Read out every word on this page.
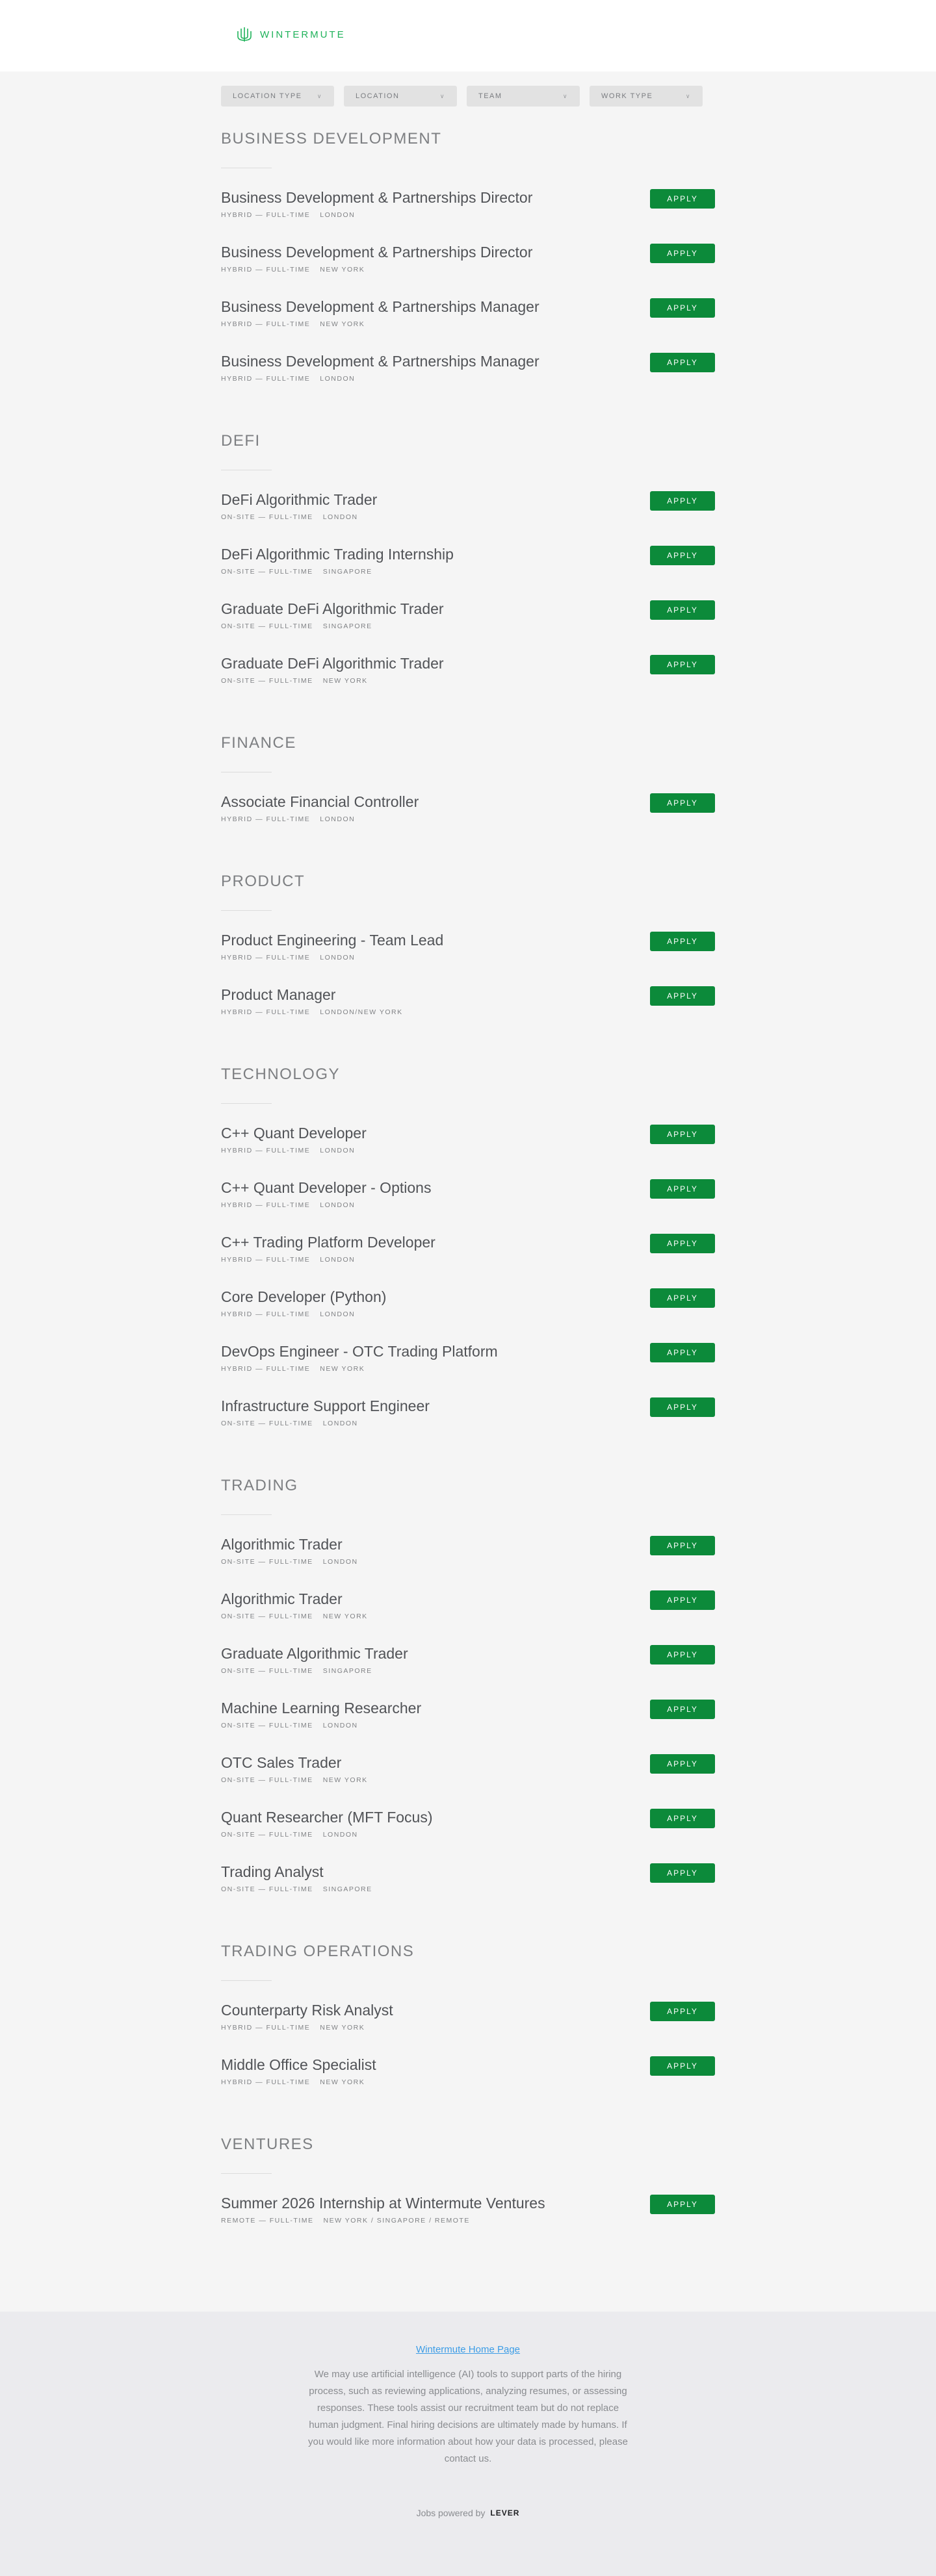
WINTERMUTE
LOCATION TYPE	∨	LOCATION	∨	TEAM	∨	WORK TYPE	∨
BUSINESS DEVELOPMENT
Business Development & Partnerships Director
HYBRID — FULL-TIME LONDON
APPLY
Business Development & Partnerships Director
HYBRID — FULL-TIME NEW YORK
APPLY
Business Development & Partnerships Manager
HYBRID — FULL-TIME NEW YORK
APPLY
Business Development & Partnerships Manager
HYBRID — FULL-TIME LONDON
APPLY
DEFI
DeFi Algorithmic Trader
ON-SITE — FULL-TIME LONDON
APPLY
DeFi Algorithmic Trading Internship
ON-SITE — FULL-TIME SINGAPORE
APPLY
Graduate DeFi Algorithmic Trader
ON-SITE — FULL-TIME SINGAPORE
APPLY
Graduate DeFi Algorithmic Trader
ON-SITE — FULL-TIME NEW YORK
APPLY
FINANCE
Associate Financial Controller
HYBRID — FULL-TIME LONDON
APPLY
PRODUCT
Product Engineering - Team Lead
HYBRID — FULL-TIME LONDON
APPLY
Product Manager
HYBRID — FULL-TIME LONDON/NEW YORK
APPLY
TECHNOLOGY
C++ Quant Developer
HYBRID — FULL-TIME LONDON
APPLY
C++ Quant Developer - Options
HYBRID — FULL-TIME LONDON
APPLY
C++ Trading Platform Developer
HYBRID — FULL-TIME LONDON
APPLY
Core Developer (Python)
HYBRID — FULL-TIME LONDON
APPLY
DevOps Engineer - OTC Trading Platform
HYBRID — FULL-TIME NEW YORK
APPLY
Infrastructure Support Engineer
ON-SITE — FULL-TIME LONDON
APPLY
TRADING
Algorithmic Trader
ON-SITE — FULL-TIME LONDON
APPLY
Algorithmic Trader
ON-SITE — FULL-TIME NEW YORK
APPLY
Graduate Algorithmic Trader
ON-SITE — FULL-TIME SINGAPORE
APPLY
Machine Learning Researcher
ON-SITE — FULL-TIME LONDON
APPLY
OTC Sales Trader
ON-SITE — FULL-TIME NEW YORK
APPLY
Quant Researcher (MFT Focus)
ON-SITE — FULL-TIME LONDON
APPLY
Trading Analyst
ON-SITE — FULL-TIME SINGAPORE
APPLY
TRADING OPERATIONS
Counterparty Risk Analyst
HYBRID — FULL-TIME NEW YORK
APPLY
Middle Office Specialist
HYBRID — FULL-TIME NEW YORK
APPLY
VENTURES
Summer 2026 Internship at Wintermute Ventures
REMOTE — FULL-TIME NEW YORK / SINGAPORE / REMOTE
APPLY
Wintermute Home Page

We may use artificial intelligence (AI) tools to support parts of the hiring process, such as reviewing applications, analyzing resumes, or assessing responses. These tools assist our recruitment team but do not replace human judgment. Final hiring decisions are ultimately made by humans. If you would like more information about how your data is processed, please contact us.

Jobs powered by LEVER
